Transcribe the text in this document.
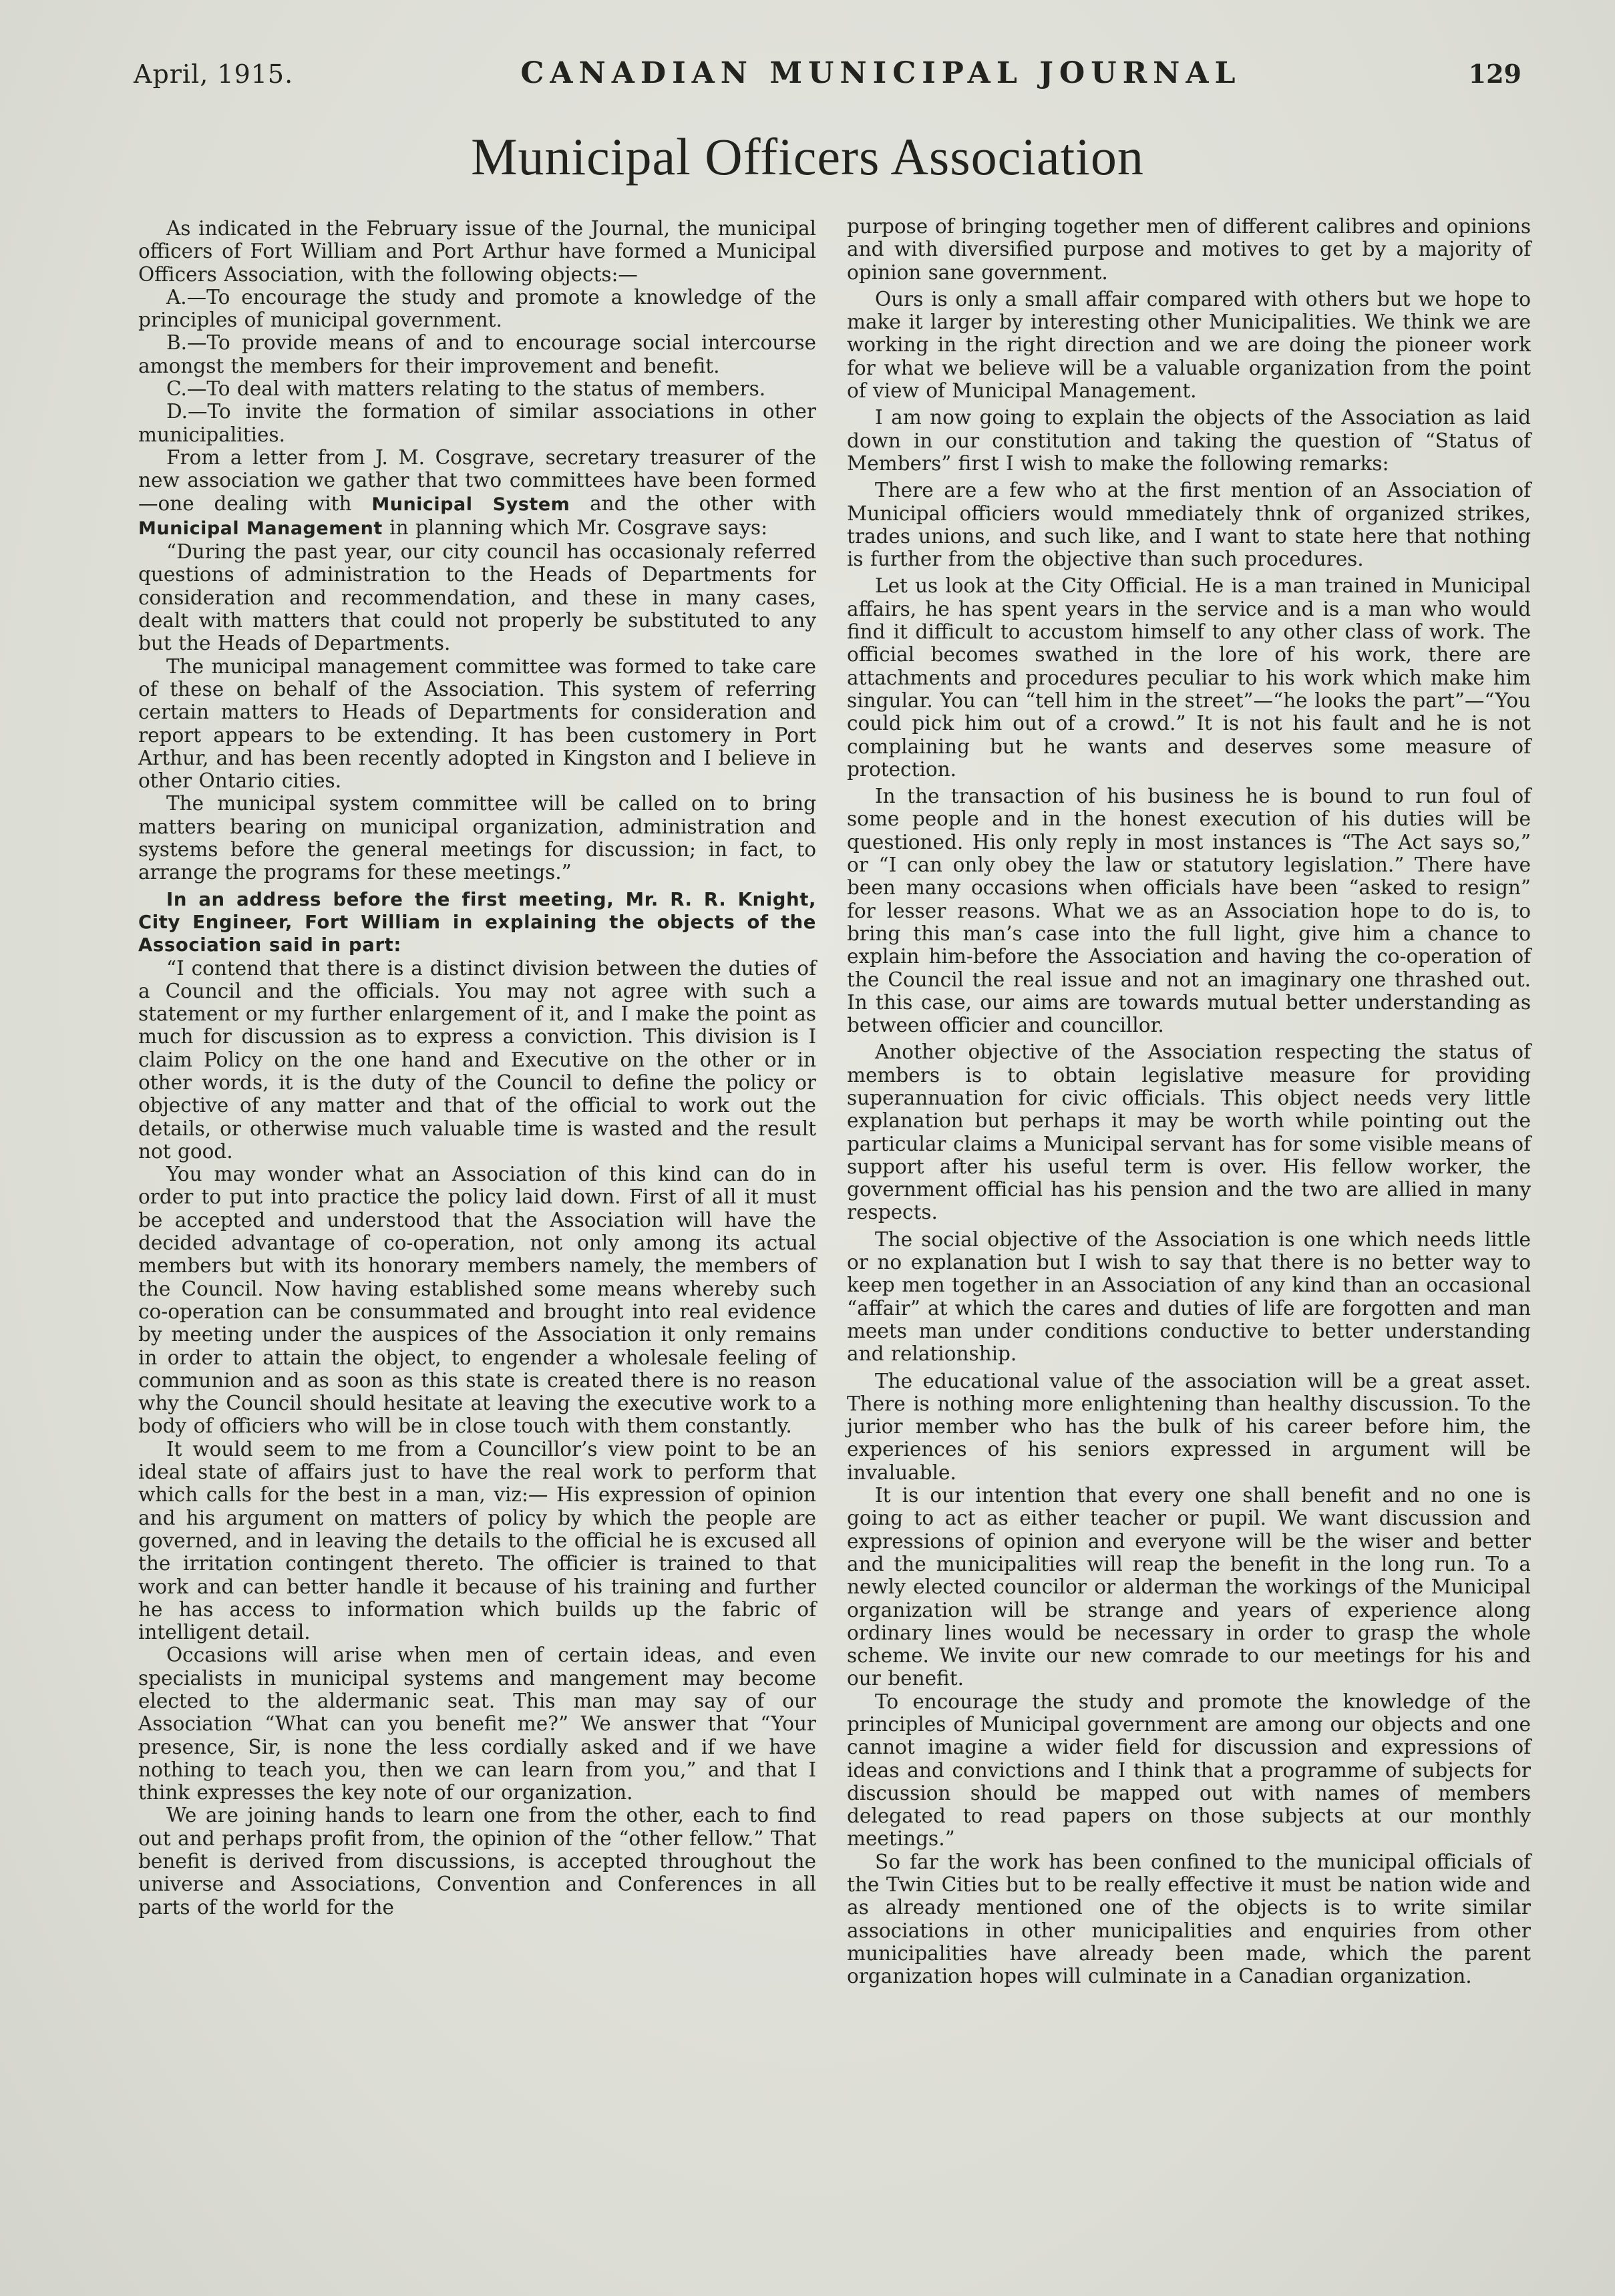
April, 1915.	CANADIAN MUNICIPAL JOURNAL	129
Municipal Officers Association

As indicated in the February issue of the Journal, the municipal officers of Fort William and Port Arthur have formed a Municipal Officers Association, with the following objects:—

A.—To encourage the study and promote a knowledge of the principles of municipal government.

B.—To provide means of and to encourage social intercourse amongst the members for their improvement and benefit.

C.—To deal with matters relating to the status of members.

D.—To invite the formation of similar associations in other municipalities.

From a letter from J. M. Cosgrave, secretary treasurer of the new association we gather that two committees have been formed—one dealing with Municipal System and the other with Municipal Management in planning which Mr. Cosgrave says:

“During the past year, our city council has occasionaly referred questions of administration to the Heads of Departments for consideration and recommendation, and these in many cases, dealt with matters that could not properly be substituted to any but the Heads of Departments.

The municipal management committee was formed to take care of these on behalf of the Association. This system of referring certain matters to Heads of Departments for consideration and report appears to be extending. It has been customery in Port Arthur, and has been recently adopted in Kingston and I believe in other Ontario cities.

The municipal system committee will be called on to bring matters bearing on municipal organization, administration and systems before the general meetings for discussion; in fact, to arrange the programs for these meetings.”

In an address before the first meeting, Mr. R. R. Knight, City Engineer, Fort William in explaining the objects of the Association said in part:

“I contend that there is a distinct division between the duties of a Council and the officials. You may not agree with such a statement or my further enlargement of it, and I make the point as much for discussion as to express a conviction. This division is I claim Policy on the one hand and Executive on the other or in other words, it is the duty of the Council to define the policy or objective of any matter and that of the official to work out the details, or otherwise much valuable time is wasted and the result not good.

You may wonder what an Association of this kind can do in order to put into practice the policy laid down. First of all it must be accepted and understood that the Association will have the decided advantage of co-operation, not only among its actual members but with its honorary members namely, the members of the Council. Now having established some means whereby such co-operation can be consummated and brought into real evidence by meeting under the auspices of the Association it only remains in order to attain the object, to engender a wholesale feeling of communion and as soon as this state is created there is no reason why the Council should hesitate at leaving the executive work to a body of officiers who will be in close touch with them constantly.

It would seem to me from a Councillor’s view point to be an ideal state of affairs just to have the real work to perform that which calls for the best in a man, viz:— His expression of opinion and his argument on matters of policy by which the people are governed, and in leaving the details to the official he is excused all the irritation contingent thereto. The officier is trained to that work and can better handle it because of his training and further he has access to information which builds up the fabric of intelligent detail.

Occasions will arise when men of certain ideas, and even specialists in municipal systems and mangement may become elected to the aldermanic seat. This man may say of our Association “What can you benefit me?” We answer that “Your presence, Sir, is none the less cordially asked and if we have nothing to teach you, then we can learn from you,” and that I think expresses the key note of our organization.

We are joining hands to learn one from the other, each to find out and perhaps profit from, the opinion of the “other fellow.” That benefit is derived from discussions, is accepted throughout the universe and Associations, Convention and Conferences in all parts of the world for the

purpose of bringing together men of different calibres and opinions and with diversified purpose and motives to get by a majority of opinion sane government.

Ours is only a small affair compared with others but we hope to make it larger by interesting other Municipalities. We think we are working in the right direction and we are doing the pioneer work for what we believe will be a valuable organization from the point of view of Municipal Management.

I am now going to explain the objects of the Association as laid down in our constitution and taking the question of “Status of Members” first I wish to make the following remarks:

There are a few who at the first mention of an Association of Municipal officiers would mmediately thnk of organized strikes, trades unions, and such like, and I want to state here that nothing is further from the objective than such procedures.

Let us look at the City Official. He is a man trained in Municipal affairs, he has spent years in the service and is a man who would find it difficult to accustom himself to any other class of work. The official becomes swathed in the lore of his work, there are attachments and procedures peculiar to his work which make him singular. You can “tell him in the street”—“he looks the part”—“You could pick him out of a crowd.” It is not his fault and he is not complaining but he wants and deserves some measure of protection.

In the transaction of his business he is bound to run foul of some people and in the honest execution of his duties will be questioned. His only reply in most instances is “The Act says so,” or “I can only obey the law or statutory legislation.” There have been many occasions when officials have been “asked to resign” for lesser reasons. What we as an Association hope to do is, to bring this man’s case into the full light, give him a chance to explain him-before the Association and having the co-operation of the Council the real issue and not an imaginary one thrashed out. In this case, our aims are towards mutual better understanding as between officier and councillor.

Another objective of the Association respecting the status of members is to obtain legislative measure for providing superannuation for civic officials. This object needs very little explanation but perhaps it may be worth while pointing out the particular claims a Municipal servant has for some visible means of support after his useful term is over. His fellow worker, the government official has his pension and the two are allied in many respects.

The social objective of the Association is one which needs little or no explanation but I wish to say that there is no better way to keep men together in an Association of any kind than an occasional “affair” at which the cares and duties of life are forgotten and man meets man under conditions conductive to better understanding and relationship.

The educational value of the association will be a great asset. There is nothing more enlightening than healthy discussion. To the jurior member who has the bulk of his career before him, the experiences of his seniors expressed in argument will be invaluable.

It is our intention that every one shall benefit and no one is going to act as either teacher or pupil. We want discussion and expressions of opinion and everyone will be the wiser and better and the municipalities will reap the benefit in the long run. To a newly elected councilor or alderman the workings of the Municipal organization will be strange and years of experience along ordinary lines would be necessary in order to grasp the whole scheme. We invite our new comrade to our meetings for his and our benefit.

To encourage the study and promote the knowledge of the principles of Municipal government are among our objects and one cannot imagine a wider field for discussion and expressions of ideas and convictions and I think that a programme of subjects for discussion should be mapped out with names of members delegated to read papers on those subjects at our monthly meetings.”

So far the work has been confined to the municipal officials of the Twin Cities but to be really effective it must be nation wide and as already mentioned one of the objects is to write similar associations in other municipalities and enquiries from other municipalities have already been made, which the parent organization hopes will culminate in a Canadian organization.
